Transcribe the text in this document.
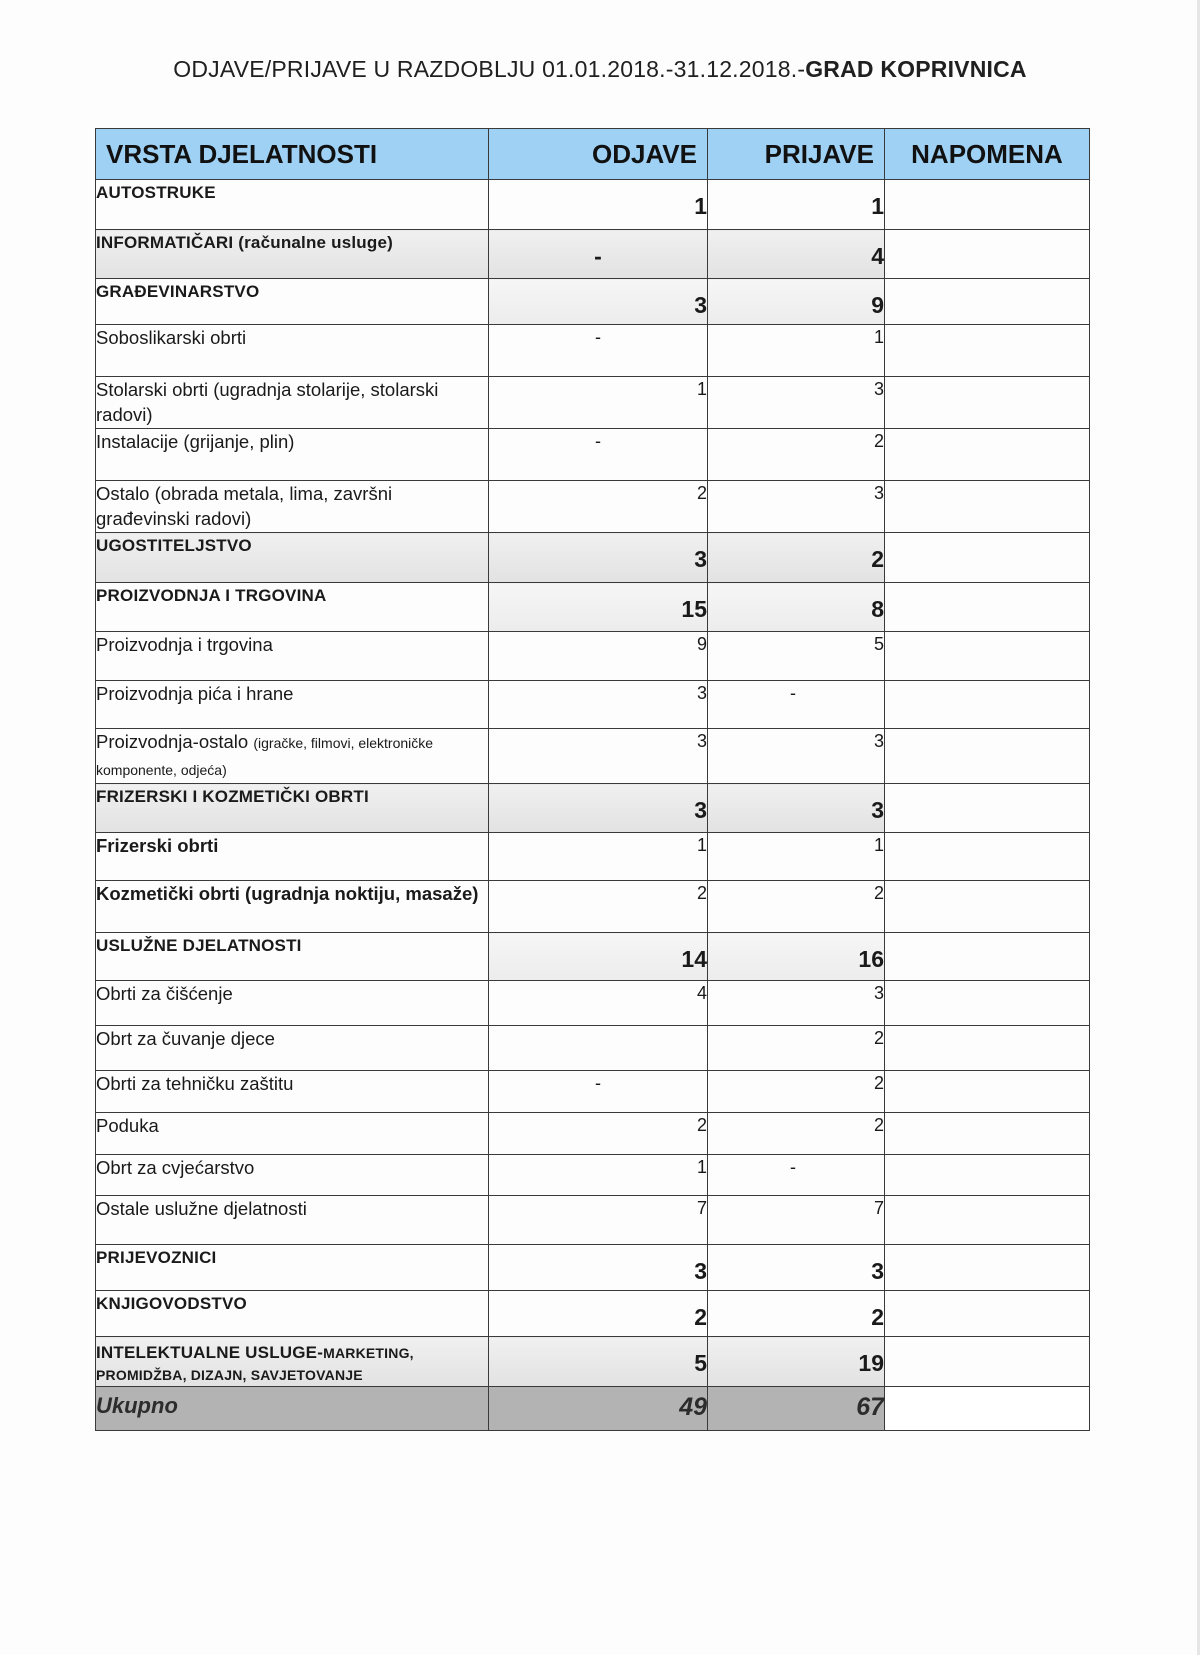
ODJAVE/PRIJAVE U RAZDOBLJU 01.01.2018.-31.12.2018.-GRAD KOPRIVNICA
VRSTA DJELATNOSTI	ODJAVE	PRIJAVE	NAPOMENA
AUTOSTRUKE	1	1	
INFORMATIČARI (računalne usluge)	-	4	
GRAĐEVINARSTVO	3	9	
Soboslikarski obrti	-	1	
Stolarski obrti (ugradnja stolarije, stolarski radovi)	1	3	
Instalacije (grijanje, plin)	-	2	
Ostalo (obrada metala, lima, završni građevinski radovi)	2	3	
UGOSTITELJSTVO	3	2	
PROIZVODNJA I TRGOVINA	15	8	
Proizvodnja i trgovina	9	5	
Proizvodnja pića i hrane	3	-	
Proizvodnja-ostalo (igračke, filmovi, elektroničke komponente, odjeća)	3	3	
FRIZERSKI I KOZMETIČKI OBRTI	3	3	
Frizerski obrti	1	1	
Kozmetički obrti (ugradnja noktiju, masaže)	2	2	
USLUŽNE DJELATNOSTI	14	16	
Obrti za čišćenje	4	3	
Obrt za čuvanje djece		2	
Obrti za tehničku zaštitu	-	2	
Poduka	2	2	
Obrt za cvjećarstvo	1	-	
Ostale uslužne djelatnosti	7	7	
PRIJEVOZNICI	3	3	
KNJIGOVODSTVO	2	2	
INTELEKTUALNE USLUGE-MARKETING, PROMIDŽBA, DIZAJN, SAVJETOVANJE	5	19	
Ukupno	49	67	
